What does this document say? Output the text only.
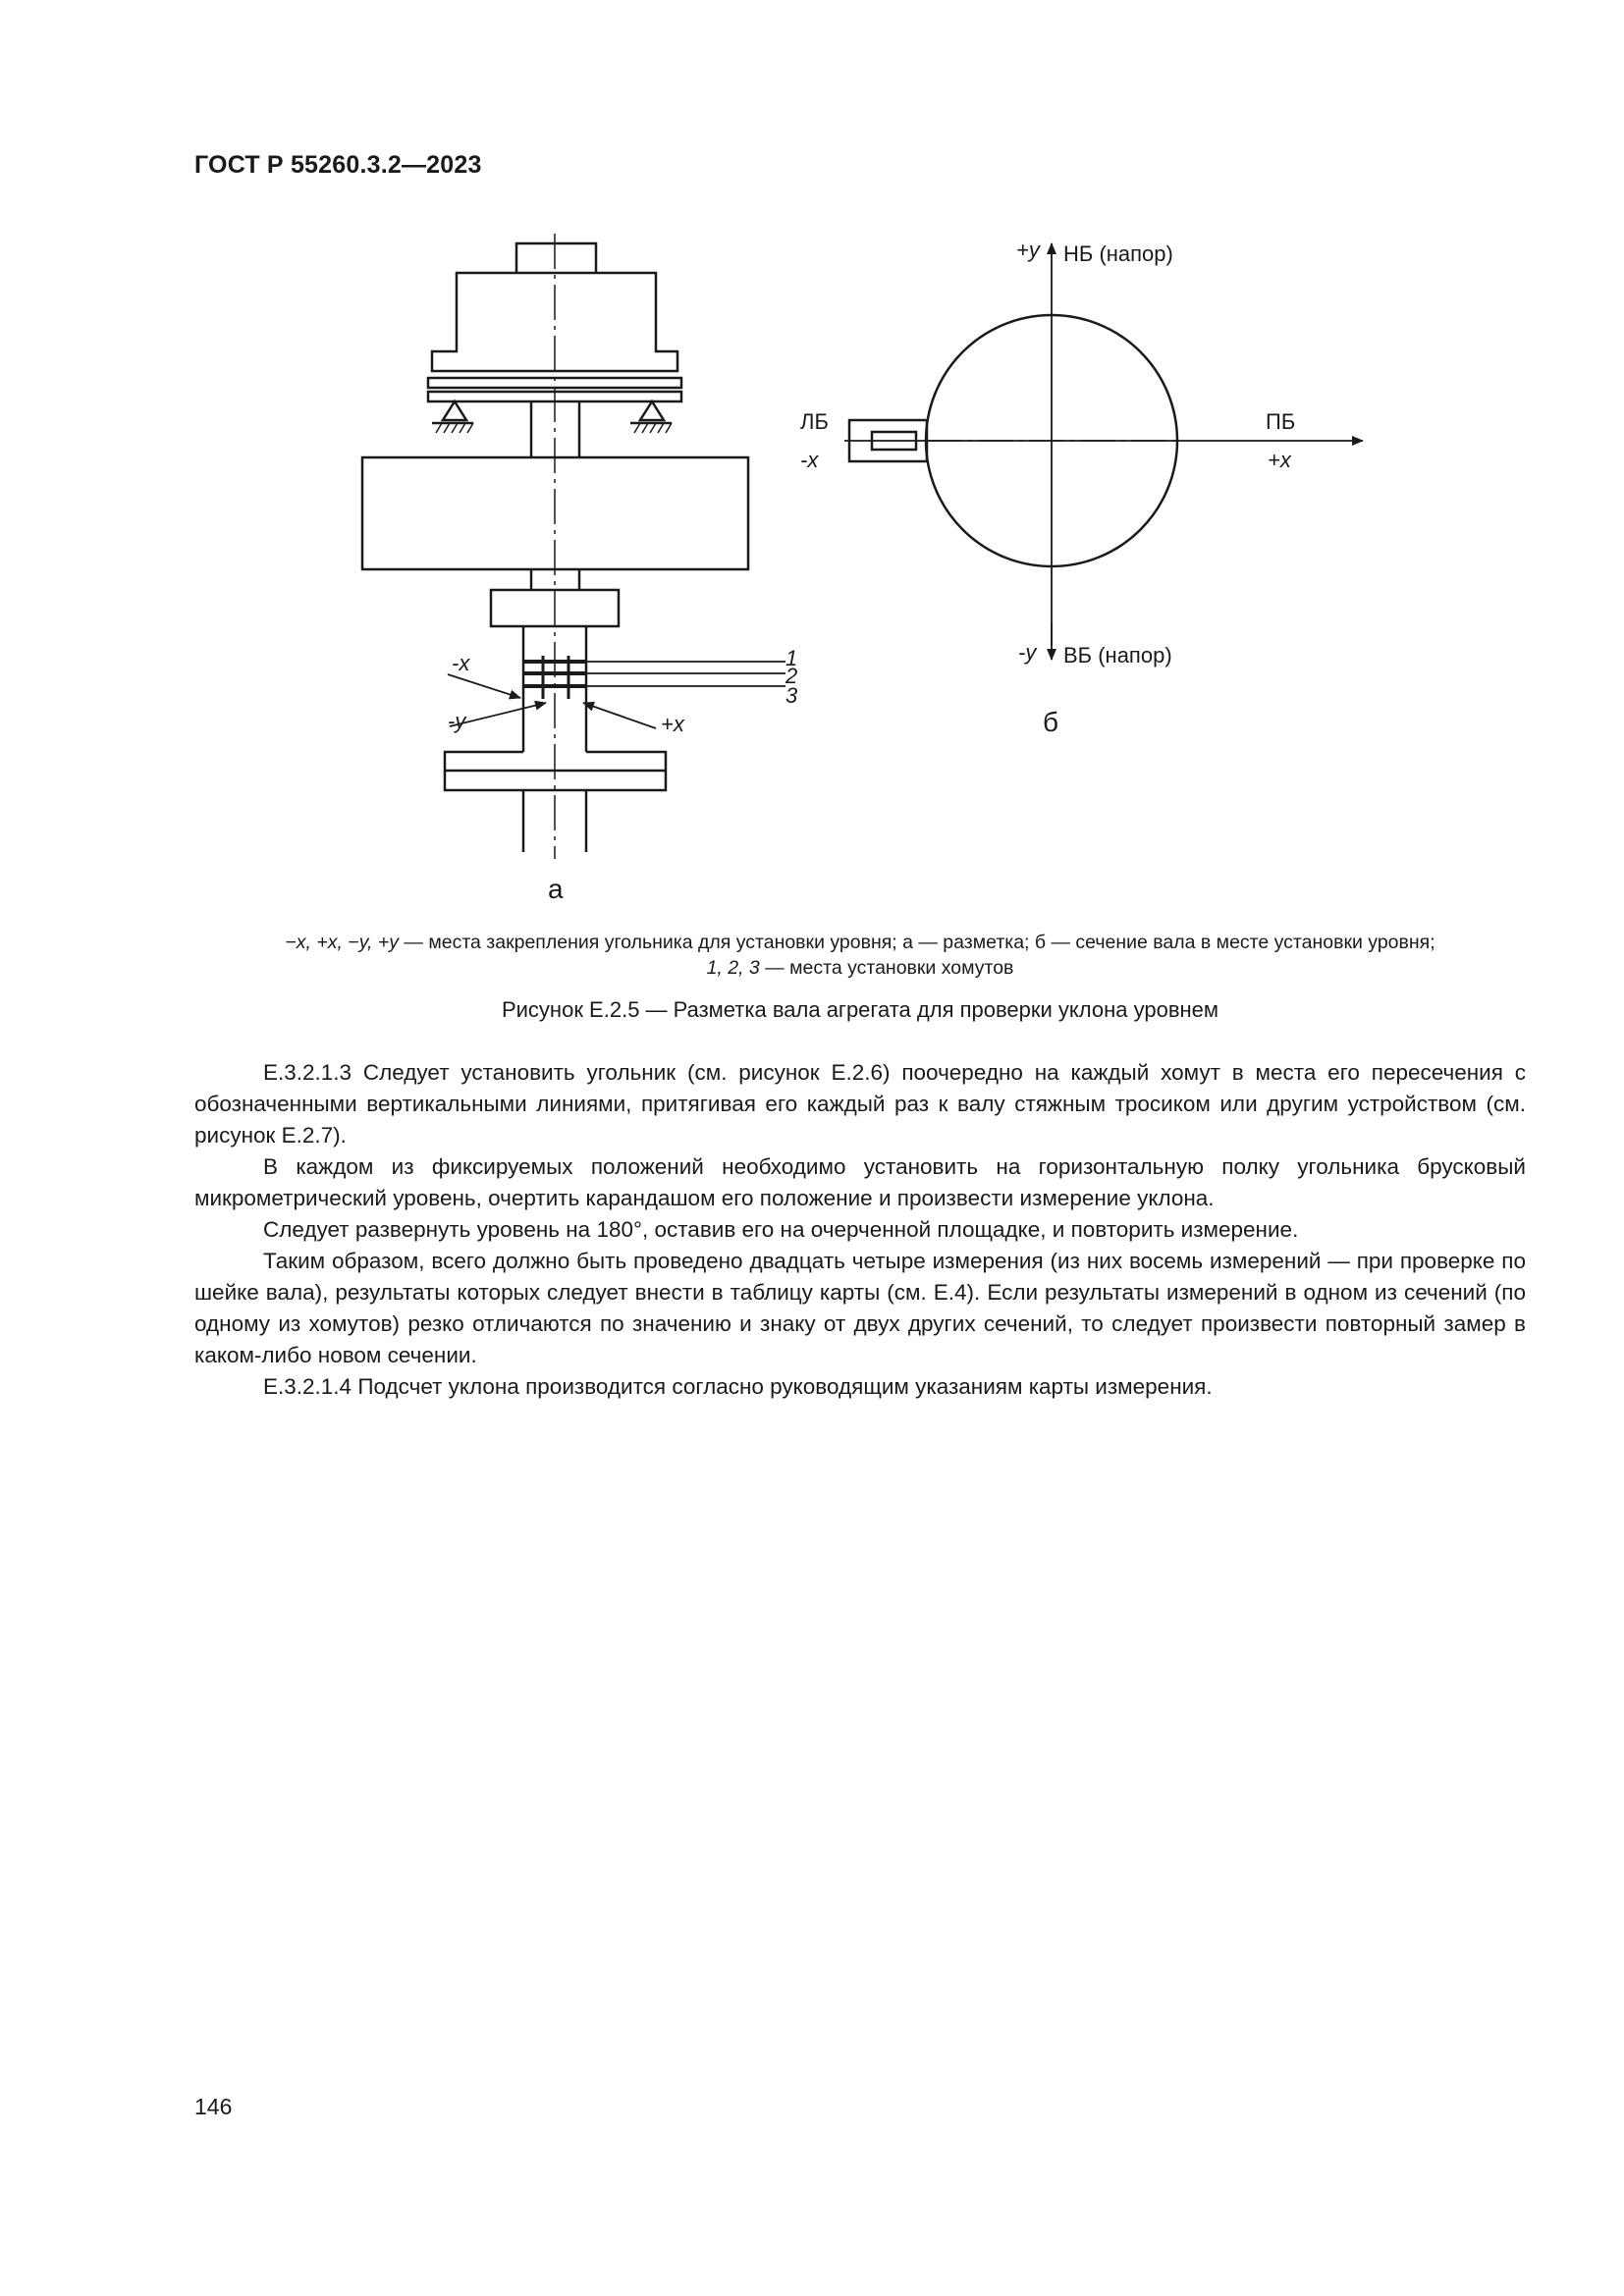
ГОСТ Р 55260.3.2—2023
-x
-y	+x
1
2
3
а
+y НБ (напор)
-y ВБ (напор)
ЛБ
-x
ПБ
+x
б
−x, +x, −y, +y — места закрепления угольника для установки уровня; а — разметка; б — сечение вала в месте установки уровня;
1, 2, 3 — места установки хомутов
Рисунок Е.2.5 — Разметка вала агрегата для проверки уклона уровнем

Е.3.2.1.3 Следует установить угольник (см. рисунок Е.2.6) поочередно на каждый хомут в места его пересечения с обозначенными вертикальными линиями, притягивая его каждый раз к валу стяжным тросиком или другим устройством (см. рисунок Е.2.7).

В каждом из фиксируемых положений необходимо установить на горизонтальную полку угольника брусковый микрометрический уровень, очертить карандашом его положение и произвести измерение уклона.

Следует развернуть уровень на 180°, оставив его на очерченной площадке, и повторить измерение.

Таким образом, всего должно быть проведено двадцать четыре измерения (из них восемь измерений — при проверке по шейке вала), результаты которых следует внести в таблицу карты (см. Е.4). Если результаты измерений в одном из сечений (по одному из хомутов) резко отличаются по значению и знаку от двух других сечений, то следует произвести повторный замер в каком-либо новом сечении.

Е.3.2.1.4 Подсчет уклона производится согласно руководящим указаниям карты измерения.

146
